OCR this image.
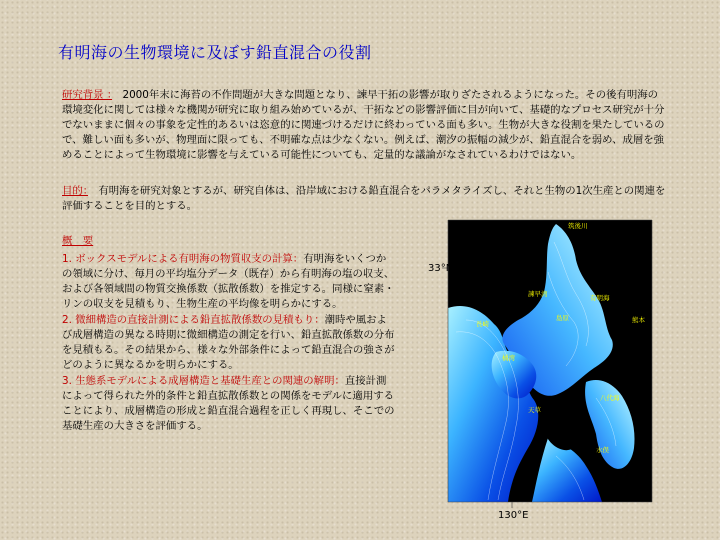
有明海の生物環境に及ぼす鉛直混合の役割
研究背景 ：　 2000年末に海苔の不作問題が大きな問題となり、諫早干拓の影響が取りざたされるようになった。その後有明海の環境変化に関しては様々な機関が研究に取り組み始めているが、干拓などの影響評価に目が向いて、基礎的なプロセス研究が十分でないままに個々の事象を定性的あるいは恣意的に関連づけるだけに終わっている面も多い。生物が大きな役割を果たしているので、難しい面も多いが、物理面に限っても、不明確な点は少なくない。例えば、潮汐の振幅の減少が、鉛直混合を弱め、成層を強めることによって生物環境に影響を与えている可能性についても、定量的な議論がなされているわけではない。
目的：　 有明海を研究対象とするが、研究自体は、沿岸域における鉛直混合をパラメタライズし、それと生物の1次生産との関連を評価することを目的とする。
概　要
1. ボックスモデルによる有明海の物質収支の計算：有明海をいくつかの領域に分け、毎月の平均塩分データ（既存）から有明海の塩の収支、および各領域間の物質交換係数（拡散係数）を推定する。同様に窒素・リンの収支を見積もり、生物生産の平均像を明らかにする。
2. 微細構造の直接計測による鉛直拡散係数の見積もり：潮時や風および成層構造の異なる時期に微細構造の測定を行い、鉛直拡散係数の分布を見積もる。その結果から、様々な外部条件によって鉛直混合の強さがどのように異なるかを明らかにする。
3. 生態系モデルによる成層構造と基礎生産との関連の解明：直接計測によって得られた外的条件と鉛直拡散係数との関係をモデルに適用することにより、成層構造の形成と鉛直混合過程を正しく再現し、そこでの基礎生産の大きさを評価する。
筑後川
諫早湾
島原
長崎	熊本
天草
八代海
水俣
有明海
橘湾
33°N
130°E
